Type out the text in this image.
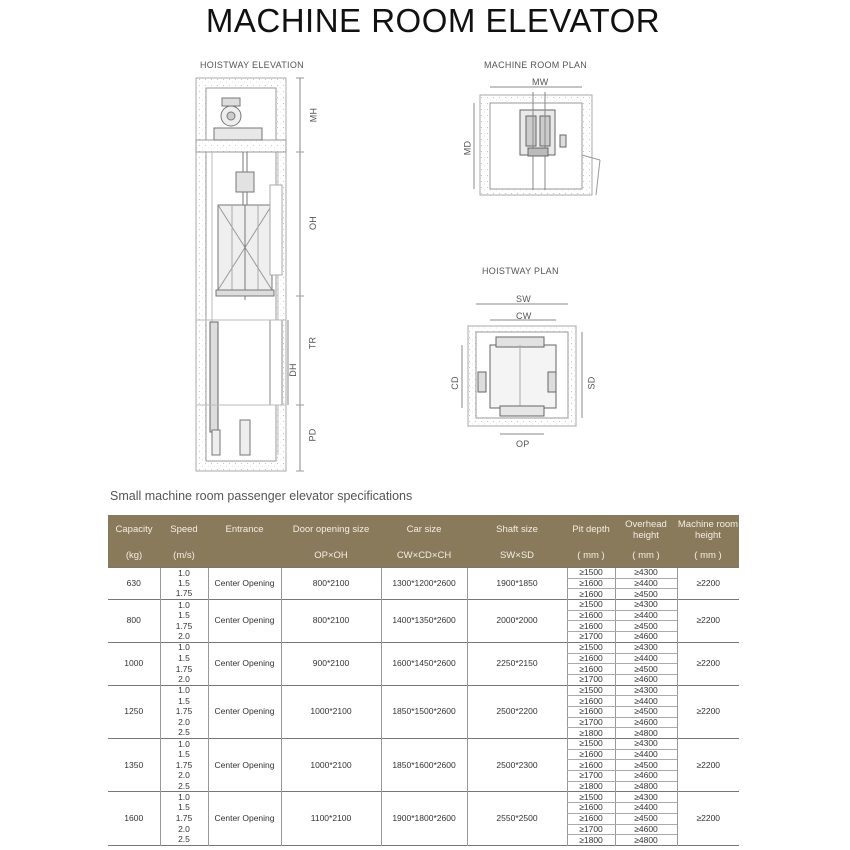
MACHINE ROOM ELEVATOR
HOISTWAY ELEVATION	MACHINE ROOM PLAN
HOISTWAY PLAN
MH
OH
TR
DH
PD
MW
MD
SW
CW
CD	SD
OP
Small machine room passenger elevator specifications
Capacity	Speed	Entrance	Door opening size	Car size	Shaft size	Pit depth	Overhead height	Machine room height
(kg)	(m/s)		OP×OH	CW×CD×CH	SW×SD	( mm )	( mm )	( mm )
630	1.0	Center Opening	800*2100	1300*1200*2600	1900*1850	≥1500	≥4300	≥2200
	1.5					≥1600	≥4400	
	1.75					≥1600	≥4500	
800	1.0	Center Opening	800*2100	1400*1350*2600	2000*2000	≥1500	≥4300	≥2200
	1.5					≥1600	≥4400	
	1.75					≥1600	≥4500	
	2.0					≥1700	≥4600	
1000	1.0	Center Opening	900*2100	1600*1450*2600	2250*2150	≥1500	≥4300	≥2200
	1.5					≥1600	≥4400	
	1.75					≥1600	≥4500	
	2.0					≥1700	≥4600	
1250	1.0	Center Opening	1000*2100	1850*1500*2600	2500*2200	≥1500	≥4300	≥2200
	1.5					≥1600	≥4400	
	1.75					≥1600	≥4500	
	2.0					≥1700	≥4600	
	2.5					≥1800	≥4800	
1350	1.0	Center Opening	1000*2100	1850*1600*2600	2500*2300	≥1500	≥4300	≥2200
	1.5					≥1600	≥4400	
	1.75					≥1600	≥4500	
	2.0					≥1700	≥4600	
	2.5					≥1800	≥4800	
1600	1.0	Center Opening	1100*2100	1900*1800*2600	2550*2500	≥1500	≥4300	≥2200
	1.5					≥1600	≥4400	
	1.75					≥1600	≥4500	
	2.0					≥1700	≥4600	
	2.5					≥1800	≥4800	
